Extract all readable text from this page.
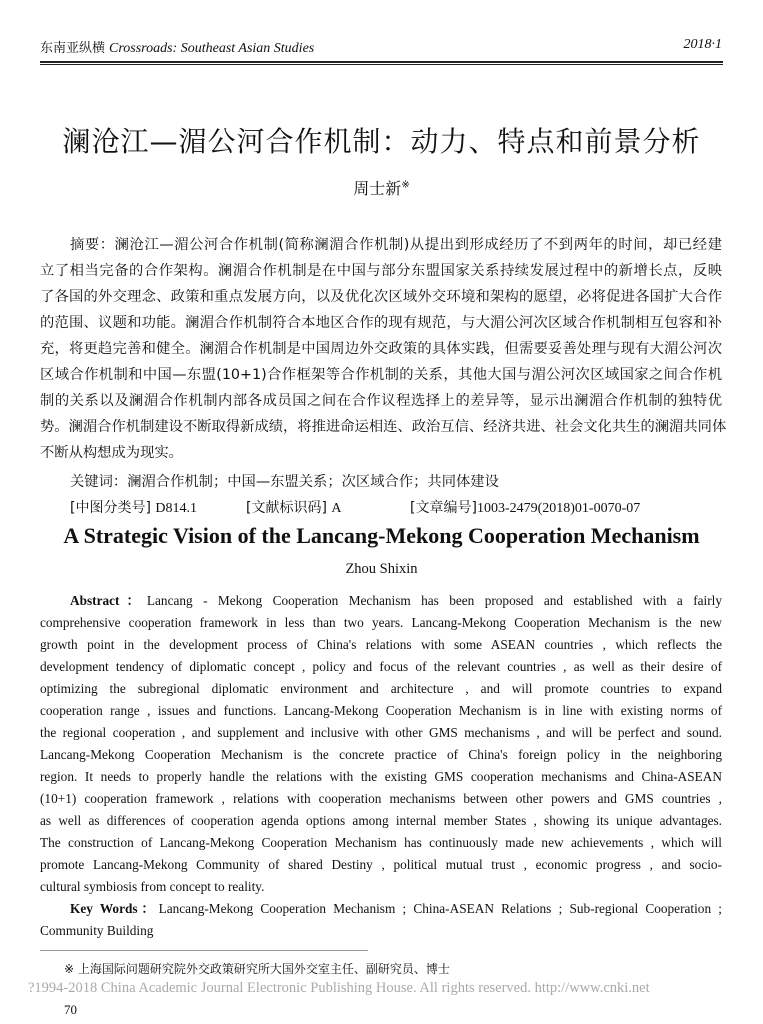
东南亚纵横 Crossroads: Southeast Asian Studies	2018·1
澜沧江—湄公河合作机制：动力、特点和前景分析
周士新※
摘要：澜沧江—湄公河合作机制(简称澜湄合作机制)从提出到形成经历了不到两年的时间，却已经建
立了相当完备的合作架构。澜湄合作机制是在中国与部分东盟国家关系持续发展过程中的新增长点，反映
了各国的外交理念、政策和重点发展方向，以及优化次区域外交环境和架构的愿望，必将促进各国扩大合作
的范围、议题和功能。澜湄合作机制符合本地区合作的现有规范，与大湄公河次区域合作机制相互包容和补
充，将更趋完善和健全。澜湄合作机制是中国周边外交政策的具体实践，但需要妥善处理与现有大湄公河次
区域合作机制和中国—东盟(10+1)合作框架等合作机制的关系，其他大国与湄公河次区域国家之间合作机
制的关系以及澜湄合作机制内部各成员国之间在合作议程选择上的差异等，显示出澜湄合作机制的独特优
势。澜湄合作机制建设不断取得新成绩，将推进命运相连、政治互信、经济共进、社会文化共生的澜湄共同体
不断从构想成为现实。
关键词：澜湄合作机制；中国—东盟关系；次区域合作；共同体建设
[中图分类号] D814.1	[文献标识码] A	[文章编号]1003-2479(2018)01-0070-07
A Strategic Vision of the Lancang-Mekong Cooperation Mechanism
Zhou Shixin
Abstract：Lancang - Mekong Cooperation Mechanism has been proposed and established with a fairly
comprehensive cooperation framework in less than two years. Lancang-Mekong Cooperation Mechanism is the new
growth point in the development process of China's relations with some ASEAN countries , which reflects the
development tendency of diplomatic concept , policy and focus of the relevant countries , as well as their desire of
optimizing the subregional diplomatic environment and architecture , and will promote countries to expand
cooperation range , issues and functions. Lancang-Mekong Cooperation Mechanism is in line with existing norms of
the regional cooperation , and supplement and inclusive with other GMS mechanisms , and will be perfect and sound.
Lancang-Mekong Cooperation Mechanism is the concrete practice of China's foreign policy in the neighboring
region. It needs to properly handle the relations with the existing GMS cooperation mechanisms and China-ASEAN
(10+1) cooperation framework , relations with cooperation mechanisms between other powers and GMS countries ,
as well as differences of cooperation agenda options among internal member States , showing its unique advantages.
The construction of Lancang-Mekong Cooperation Mechanism has continuously made new achievements , which will
promote Lancang-Mekong Community of shared Destiny , political mutual trust , economic progress , and socio-
cultural symbiosis from concept to reality.
Key Words：Lancang-Mekong Cooperation Mechanism ; China-ASEAN Relations ; Sub-regional Cooperation ;
Community Building
※ 上海国际问题研究院外交政策研究所大国外交室主任、副研究员、博士
?1994-2018 China Academic Journal Electronic Publishing House. All rights reserved. http://www.cnki.net
70
